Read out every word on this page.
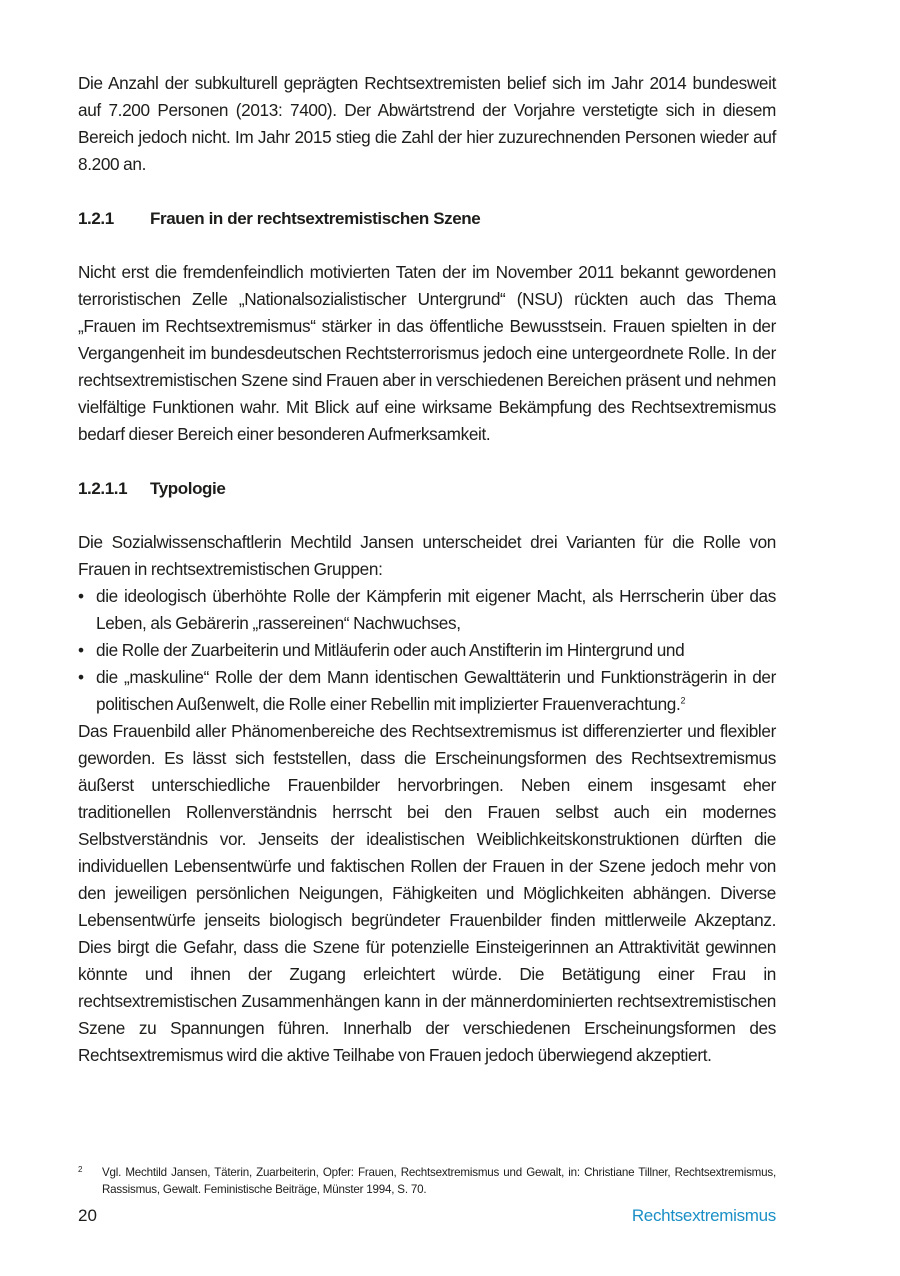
Die Anzahl der subkulturell geprägten Rechtsextremisten belief sich im Jahr 2014 bundesweit auf 7.200 Personen (2013: 7400). Der Abwärtstrend der Vorjahre verstetigte sich in diesem Bereich jedoch nicht. Im Jahr 2015 stieg die Zahl der hier zuzurechnenden Personen wieder auf 8.200 an.

1.2.1	Frauen in der rechtsextremistischen Szene

Nicht erst die fremdenfeindlich motivierten Taten der im November 2011 bekannt gewordenen terroristischen Zelle „Nationalsozialistischer Untergrund“ (NSU) rückten auch das Thema „Frauen im Rechtsextremismus“ stärker in das öffentliche Bewusstsein. Frauen spielten in der Vergangenheit im bundesdeutschen Rechtsterrorismus jedoch eine untergeordnete Rolle. In der rechtsextremistischen Szene sind Frauen aber in verschiedenen Bereichen präsent und nehmen vielfältige Funktionen wahr. Mit Blick auf eine wirksame Bekämpfung des Rechtsextremismus bedarf dieser Bereich einer besonderen Aufmerksamkeit.

1.2.1.1	Typologie

Die Sozialwissenschaftlerin Mechtild Jansen unterscheidet drei Varianten für die Rolle von Frauen in rechtsextremistischen Gruppen:

• die ideologisch überhöhte Rolle der Kämpferin mit eigener Macht, als Herrscherin über das Leben, als Gebärerin „rassereinen“ Nachwuchses,
• die Rolle der Zuarbeiterin und Mitläuferin oder auch Anstifterin im Hintergrund und
• die „maskuline“ Rolle der dem Mann identischen Gewalttäterin und Funktionsträgerin in der politischen Außenwelt, die Rolle einer Rebellin mit implizierter Frauenverachtung.$^2$

Das Frauenbild aller Phänomenbereiche des Rechtsextremismus ist differenzierter und flexibler geworden. Es lässt sich feststellen, dass die Erscheinungsformen des Rechtsextremismus äußerst unterschiedliche Frauenbilder hervorbringen. Neben einem insgesamt eher traditionellen Rollenverständnis herrscht bei den Frauen selbst auch ein modernes Selbstverständnis vor. Jenseits der idealistischen Weiblichkeitskonstruktionen dürften die individuellen Lebensentwürfe und faktischen Rollen der Frauen in der Szene jedoch mehr von den jeweiligen persönlichen Neigungen, Fähigkeiten und Möglichkeiten abhängen. Diverse Lebensentwürfe jenseits biologisch begründeter Frauenbilder finden mittlerweile Akzeptanz. Dies birgt die Gefahr, dass die Szene für potenzielle Einsteigerinnen an Attraktivität gewinnen könnte und ihnen der Zugang erleichtert würde. Die Betätigung einer Frau in rechtsextremistischen Zusammenhängen kann in der männerdominierten rechtsextremistischen Szene zu Spannungen führen. Innerhalb der verschiedenen Erscheinungsformen des Rechtsextremismus wird die aktive Teilhabe von Frauen jedoch überwiegend akzeptiert.

2 Vgl. Mechtild Jansen, Täterin, Zuarbeiterin, Opfer: Frauen, Rechtsextremismus und Gewalt, in: Christiane Tillner, Rechtsextremismus, Rassismus, Gewalt. Feministische Beiträge, Münster 1994, S. 70.
20	Rechtsextremismus
